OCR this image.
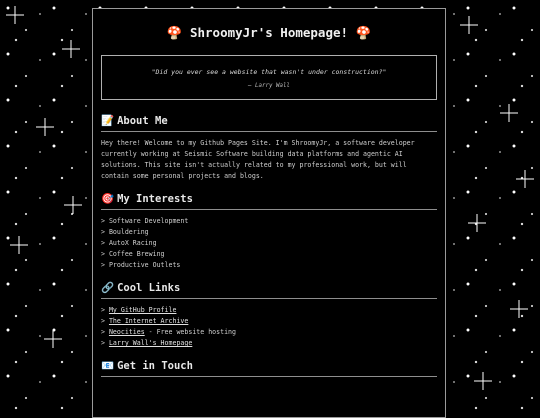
🍄 ShroomyJr's Homepage! 🍄
"Did you ever see a website that wasn't under construction?"
— Larry Wall
📝 About Me

Hey there! Welcome to my Github Pages Site. I'm ShroomyJr, a software developer currently working at Seismic Software building data platforms and agentic AI solutions. This site isn't actually related to my professional work, but will contain some personal projects and blogs.

🎯 My Interests
> Software Development
> Bouldering
> AutoX Racing
> Coffee Brewing
> Productive Outlets
🔗 Cool Links
> My GitHub Profile
> The Internet Archive
> Neocities - Free website hosting
> Larry Wall's Homepage
📧 Get in Touch
